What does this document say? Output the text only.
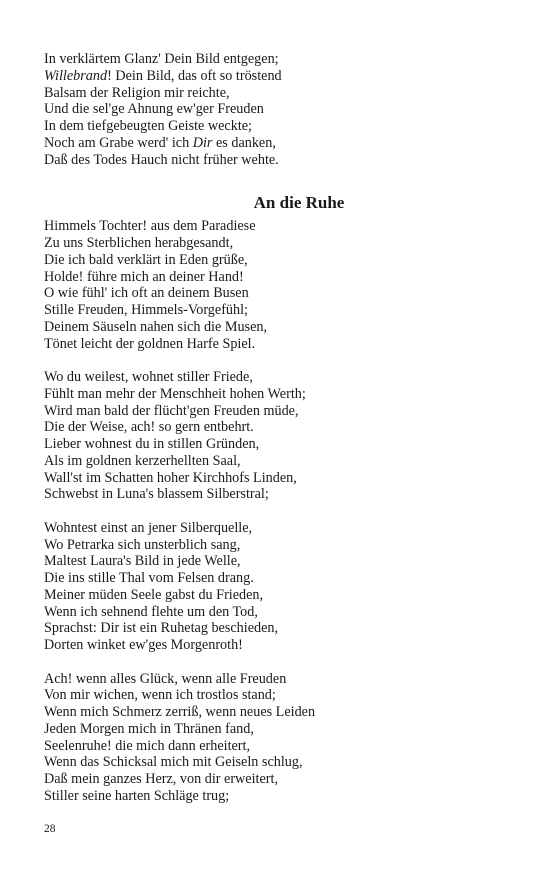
In verklärtem Glanz' Dein Bild entgegen;
Willebrand! Dein Bild, das oft so tröstend
Balsam der Religion mir reichte,
Und die sel'ge Ahnung ew'ger Freuden
In dem tiefgebeugten Geiste weckte;
Noch am Grabe werd' ich Dir es danken,
Daß des Todes Hauch nicht früher wehte.
An die Ruhe
Himmels Tochter! aus dem Paradiese
Zu uns Sterblichen herabgesandt,
Die ich bald verklärt in Eden grüße,
Holde! führe mich an deiner Hand!
O wie fühl' ich oft an deinem Busen
Stille Freuden, Himmels-Vorgefühl;
Deinem Säuseln nahen sich die Musen,
Tönet leicht der goldnen Harfe Spiel.
Wo du weilest, wohnet stiller Friede,
Fühlt man mehr der Menschheit hohen Werth;
Wird man bald der flücht'gen Freuden müde,
Die der Weise, ach! so gern entbehrt.
Lieber wohnest du in stillen Gründen,
Als im goldnen kerzerhellten Saal,
Wall'st im Schatten hoher Kirchhofs Linden,
Schwebst in Luna's blassem Silberstral;
Wohntest einst an jener Silberquelle,
Wo Petrarka sich unsterblich sang,
Maltest Laura's Bild in jede Welle,
Die ins stille Thal vom Felsen drang.
Meiner müden Seele gabst du Frieden,
Wenn ich sehnend flehte um den Tod,
Sprachst: Dir ist ein Ruhetag beschieden,
Dorten winket ew'ges Morgenroth!
Ach! wenn alles Glück, wenn alle Freuden
Von mir wichen, wenn ich trostlos stand;
Wenn mich Schmerz zerriß, wenn neues Leiden
Jeden Morgen mich in Thränen fand,
Seelenruhe! die mich dann erheitert,
Wenn das Schicksal mich mit Geiseln schlug,
Daß mein ganzes Herz, von dir erweitert,
Stiller seine harten Schläge trug;
28
